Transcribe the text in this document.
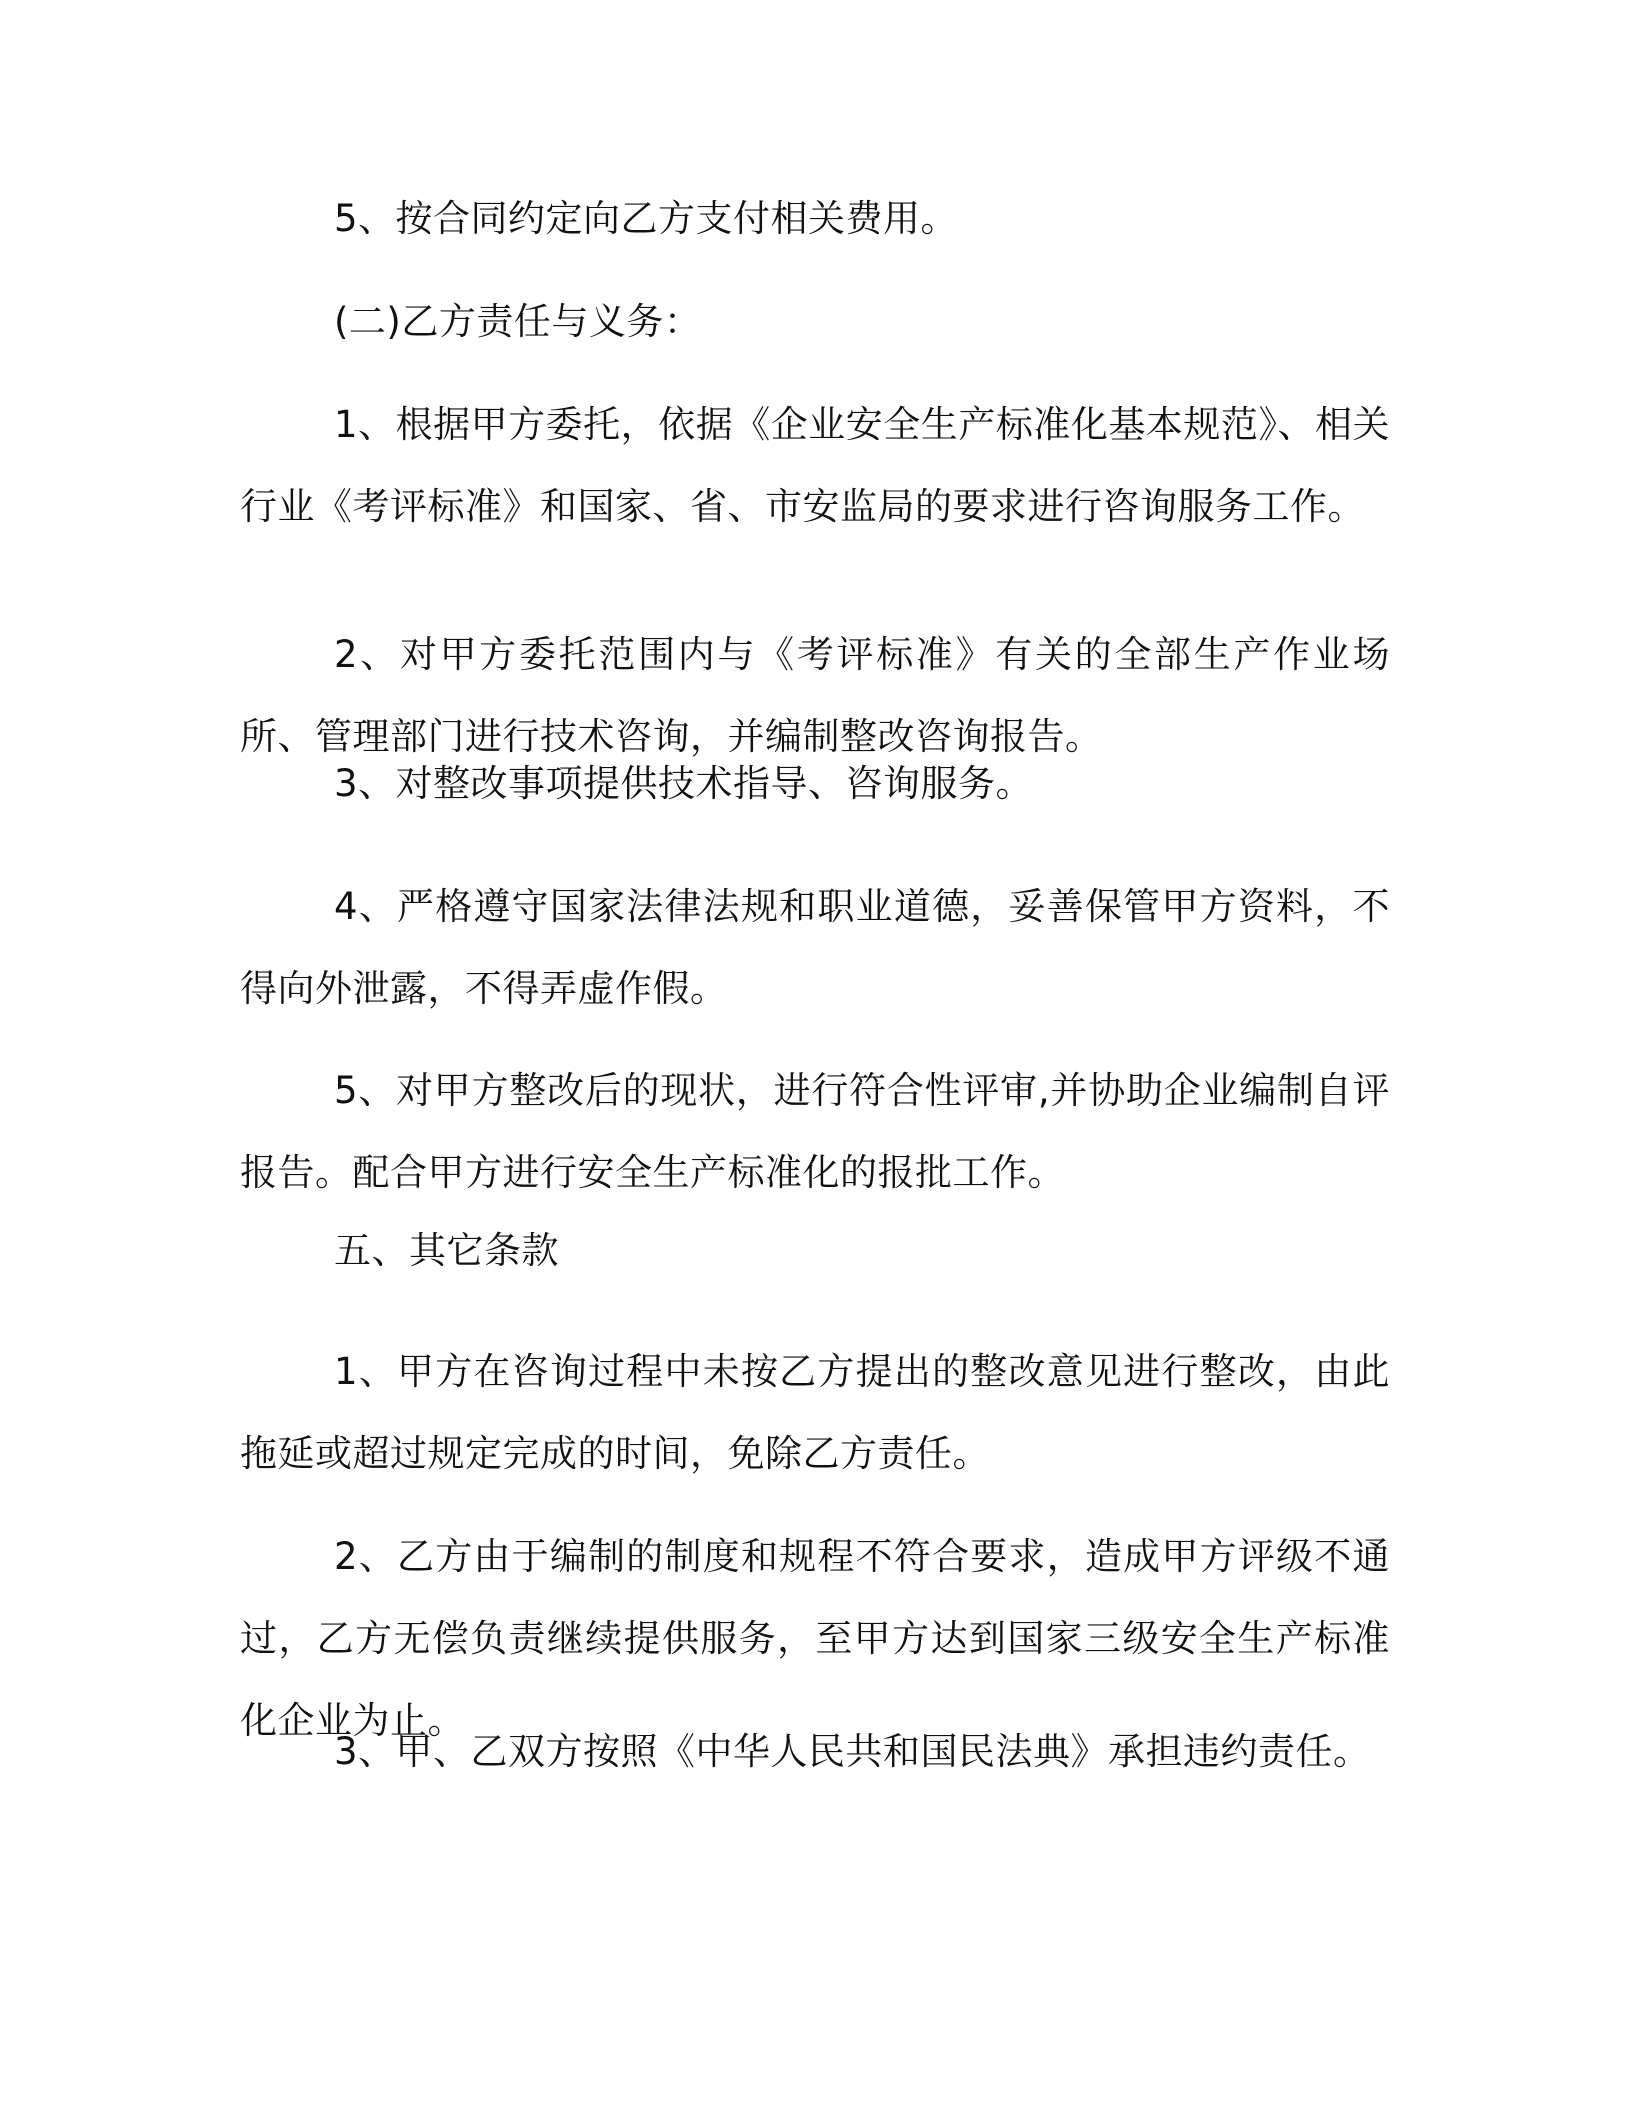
5、按合同约定向乙方支付相关费用。

(二)乙方责任与义务：

1、根据甲方委托，依据《企业安全生产标准化基本规范》、相关行业《考评标准》和国家、省、市安监局的要求进行咨询服务工作。

2、对甲方委托范围内与《考评标准》有关的全部生产作业场所、管理部门进行技术咨询，并编制整改咨询报告。

3、对整改事项提供技术指导、咨询服务。

4、严格遵守国家法律法规和职业道德，妥善保管甲方资料，不得向外泄露，不得弄虚作假。

5、对甲方整改后的现状，进行符合性评审,并协助企业编制自评报告。配合甲方进行安全生产标准化的报批工作。

五、其它条款

1、甲方在咨询过程中未按乙方提出的整改意见进行整改，由此拖延或超过规定完成的时间，免除乙方责任。

2、乙方由于编制的制度和规程不符合要求，造成甲方评级不通过，乙方无偿负责继续提供服务，至甲方达到国家三级安全生产标准化企业为止。

3、甲、乙双方按照《中华人民共和国民法典》承担违约责任。
